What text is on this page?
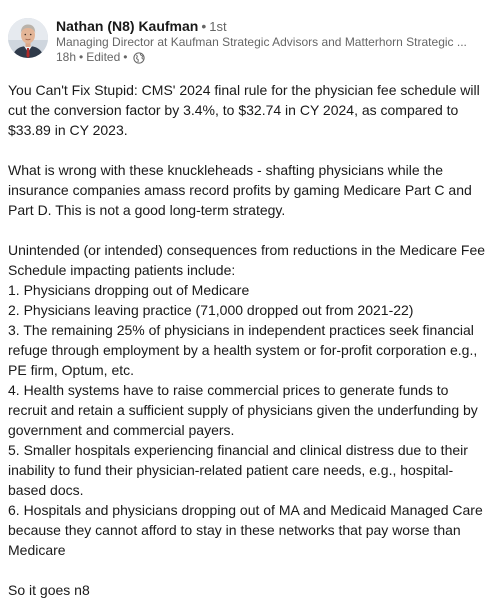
Nathan (N8) Kaufman • 1st
Managing Director at Kaufman Strategic Advisors and Matterhorn Strategic ...
18h • Edited •

You Can't Fix Stupid: CMS' 2024 final rule for the physician fee schedule will cut the conversion factor by 3.4%, to $32.74 in CY 2024, as compared to $33.89 in CY 2023.

What is wrong with these knuckleheads - shafting physicians while the insurance companies amass record profits by gaming Medicare Part C and Part D. This is not a good long-term strategy.

Unintended (or intended) consequences from reductions in the Medicare Fee Schedule impacting patients include:

1. Physicians dropping out of Medicare

2. Physicians leaving practice (71,000 dropped out from 2021-22)

3. The remaining 25% of physicians in independent practices seek financial refuge through employment by a health system or for-profit corporation e.g., PE firm, Optum, etc.

4. Health systems have to raise commercial prices to generate funds to recruit and retain a sufficient supply of physicians given the underfunding by government and commercial payers.

5. Smaller hospitals experiencing financial and clinical distress due to their inability to fund their physician-related patient care needs, e.g., hospital-based docs.

6. Hospitals and physicians dropping out of MA and Medicaid Managed Care because they cannot afford to stay in these networks that pay worse than Medicare

So it goes n8
